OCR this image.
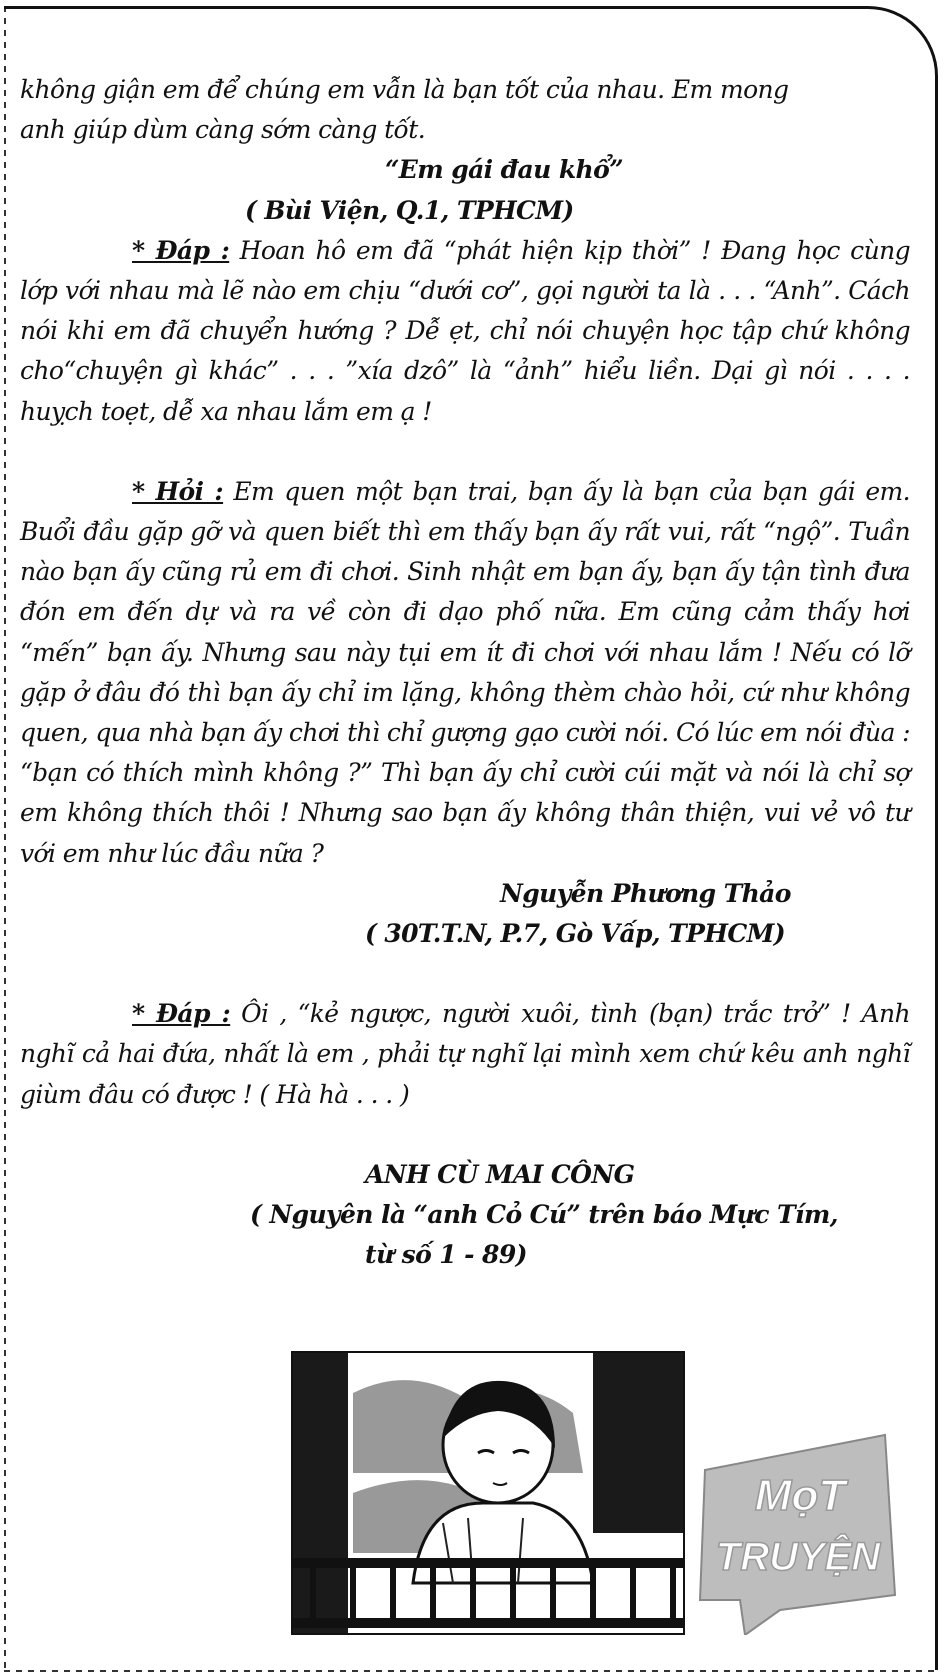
không giận em để chúng em vẫn là bạn tốt của nhau. Em mong
anh giúp dùm càng sớm càng tốt.

“Em gái đau khổ”
( Bùi Viện, Q.1, TPHCM)

* Đáp : Hoan hô em đã “phát hiện kịp thời” ! Đang học cùng lớp với nhau mà lẽ nào em chịu “dưới cơ”, gọi người ta là . . . “Anh”. Cách nói khi em đã chuyển hướng ? Dễ ẹt, chỉ nói chuyện học tập chứ không cho“chuyện gì khác” . . . ”xía dzô” là “ảnh” hiểu liền. Dại gì nói . . . . huỵch toẹt, dễ xa nhau lắm em ạ !

* Hỏi : Em quen một bạn trai, bạn ấy là bạn của bạn gái em. Buổi đầu gặp gỡ và quen biết thì em thấy bạn ấy rất vui, rất “ngộ”. Tuần nào bạn ấy cũng rủ em đi chơi. Sinh nhật em bạn ấy, bạn ấy tận tình đưa đón em đến dự và ra về còn đi dạo phố nữa. Em cũng cảm thấy hơi “mến” bạn ấy. Nhưng sau này tụi em ít đi chơi với nhau lắm ! Nếu có lỡ gặp ở đâu đó thì bạn ấy chỉ im lặng, không thèm chào hỏi, cứ như không quen, qua nhà bạn ấy chơi thì chỉ gượng gạo cười nói. Có lúc em nói đùa : “bạn có thích mình không ?” Thì bạn ấy chỉ cười cúi mặt và nói là chỉ sợ em không thích thôi ! Nhưng sao bạn ấy không thân thiện, vui vẻ vô tư với em như lúc đầu nữa ?

Nguyễn Phương Thảo
( 30T.T.N, P.7, Gò Vấp, TPHCM)

* Đáp : Ôi , “kẻ ngược, người xuôi, tình (bạn) trắc trở” ! Anh nghĩ cả hai đứa, nhất là em , phải tự nghĩ lại mình xem chứ kêu anh nghĩ giùm đâu có được ! ( Hà hà . . . )

ANH CÙ MAI CÔNG
( Nguyên là “anh Cỏ Cú” trên báo Mực Tím,
từ số 1 - 89)
MọT
TRUYỆN
